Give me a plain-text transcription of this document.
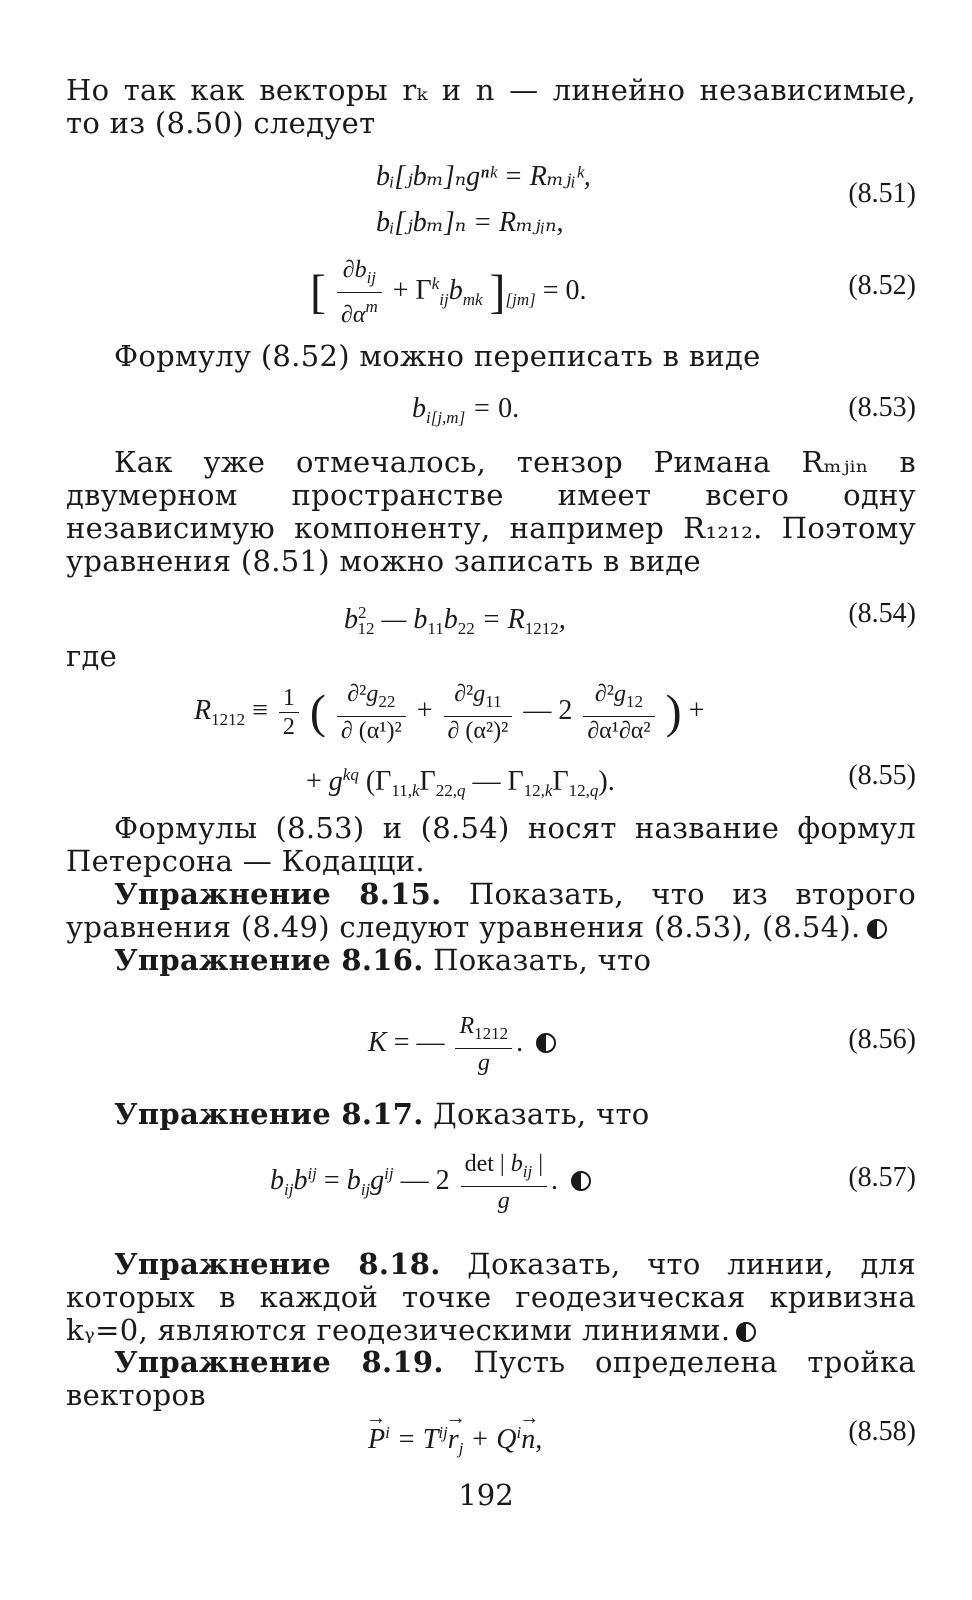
Но так как векторы rₖ и n — линейно независимые, то из (8.50) следует
bᵢ[ⱼbₘ]ₙgⁿᵏ = Rₘⱼᵢᵏ,
bᵢ[ⱼbₘ]ₙ = Rₘⱼᵢₙ,
(8.51)
[ $\frac{\partial b_{ij}}{\partial\alpha^m} + \Gamma^k_{ij}b_{mk}$ ]$_{[jm]} = 0$.	(8.52)
Формулу (8.52) можно переписать в виде
$b_{i[j,m]} = 0$.	(8.53)
Как уже отмечалось, тензор Римана Rₘⱼᵢₙ в двумерном пространстве имеет всего одну независимую компоненту, например R₁₂₁₂. Поэтому уравнения (8.51) можно записать в виде
$b^2_{12}$ — $b_{11}b_{22} = R_{1212}$,	(8.54)
где
$R_{1212} \equiv \frac{1}{2}$ ( $\frac{\partial^2g_{22}}{\text{∂ (α¹)²}} + \frac{\partial^2g_{11}}{\text{∂ (α²)²}}$ — $2 \frac{\partial^2g_{12}}{\text{∂α¹∂α²}}$ ) +
+ $g^{kq}$ ($\Gamma_{11,k}\Gamma_{22,q}$ — $\Gamma_{12,k}\Gamma_{12,q}$).	(8.55)
Формулы (8.53) и (8.54) носят название формул Петерсона — Кодацци.
Упражнение 8.15. Показать, что из второго уравнения (8.49) следуют уравнения (8.53), (8.54).
Упражнение 8.16. Показать, что
K = — $\frac{R_{1212}}{g}$ .	(8.56)
Упражнение 8.17. Доказать, что
$b_{ij}b^{ij} = b_{ij}g^{ij}$ — $2 \frac{\det | b_{ij} |}{g}$ .	(8.57)
Упражнение 8.18. Доказать, что линии, для которых в каждой точке геодезическая кривизна kᵧ=0, являются геодезическими линиями.
Упражнение 8.19. Пусть определена тройка векторов
→ $P^i = T^{ij}\to r_j + Q^i\to n$,	(8.58)
192
